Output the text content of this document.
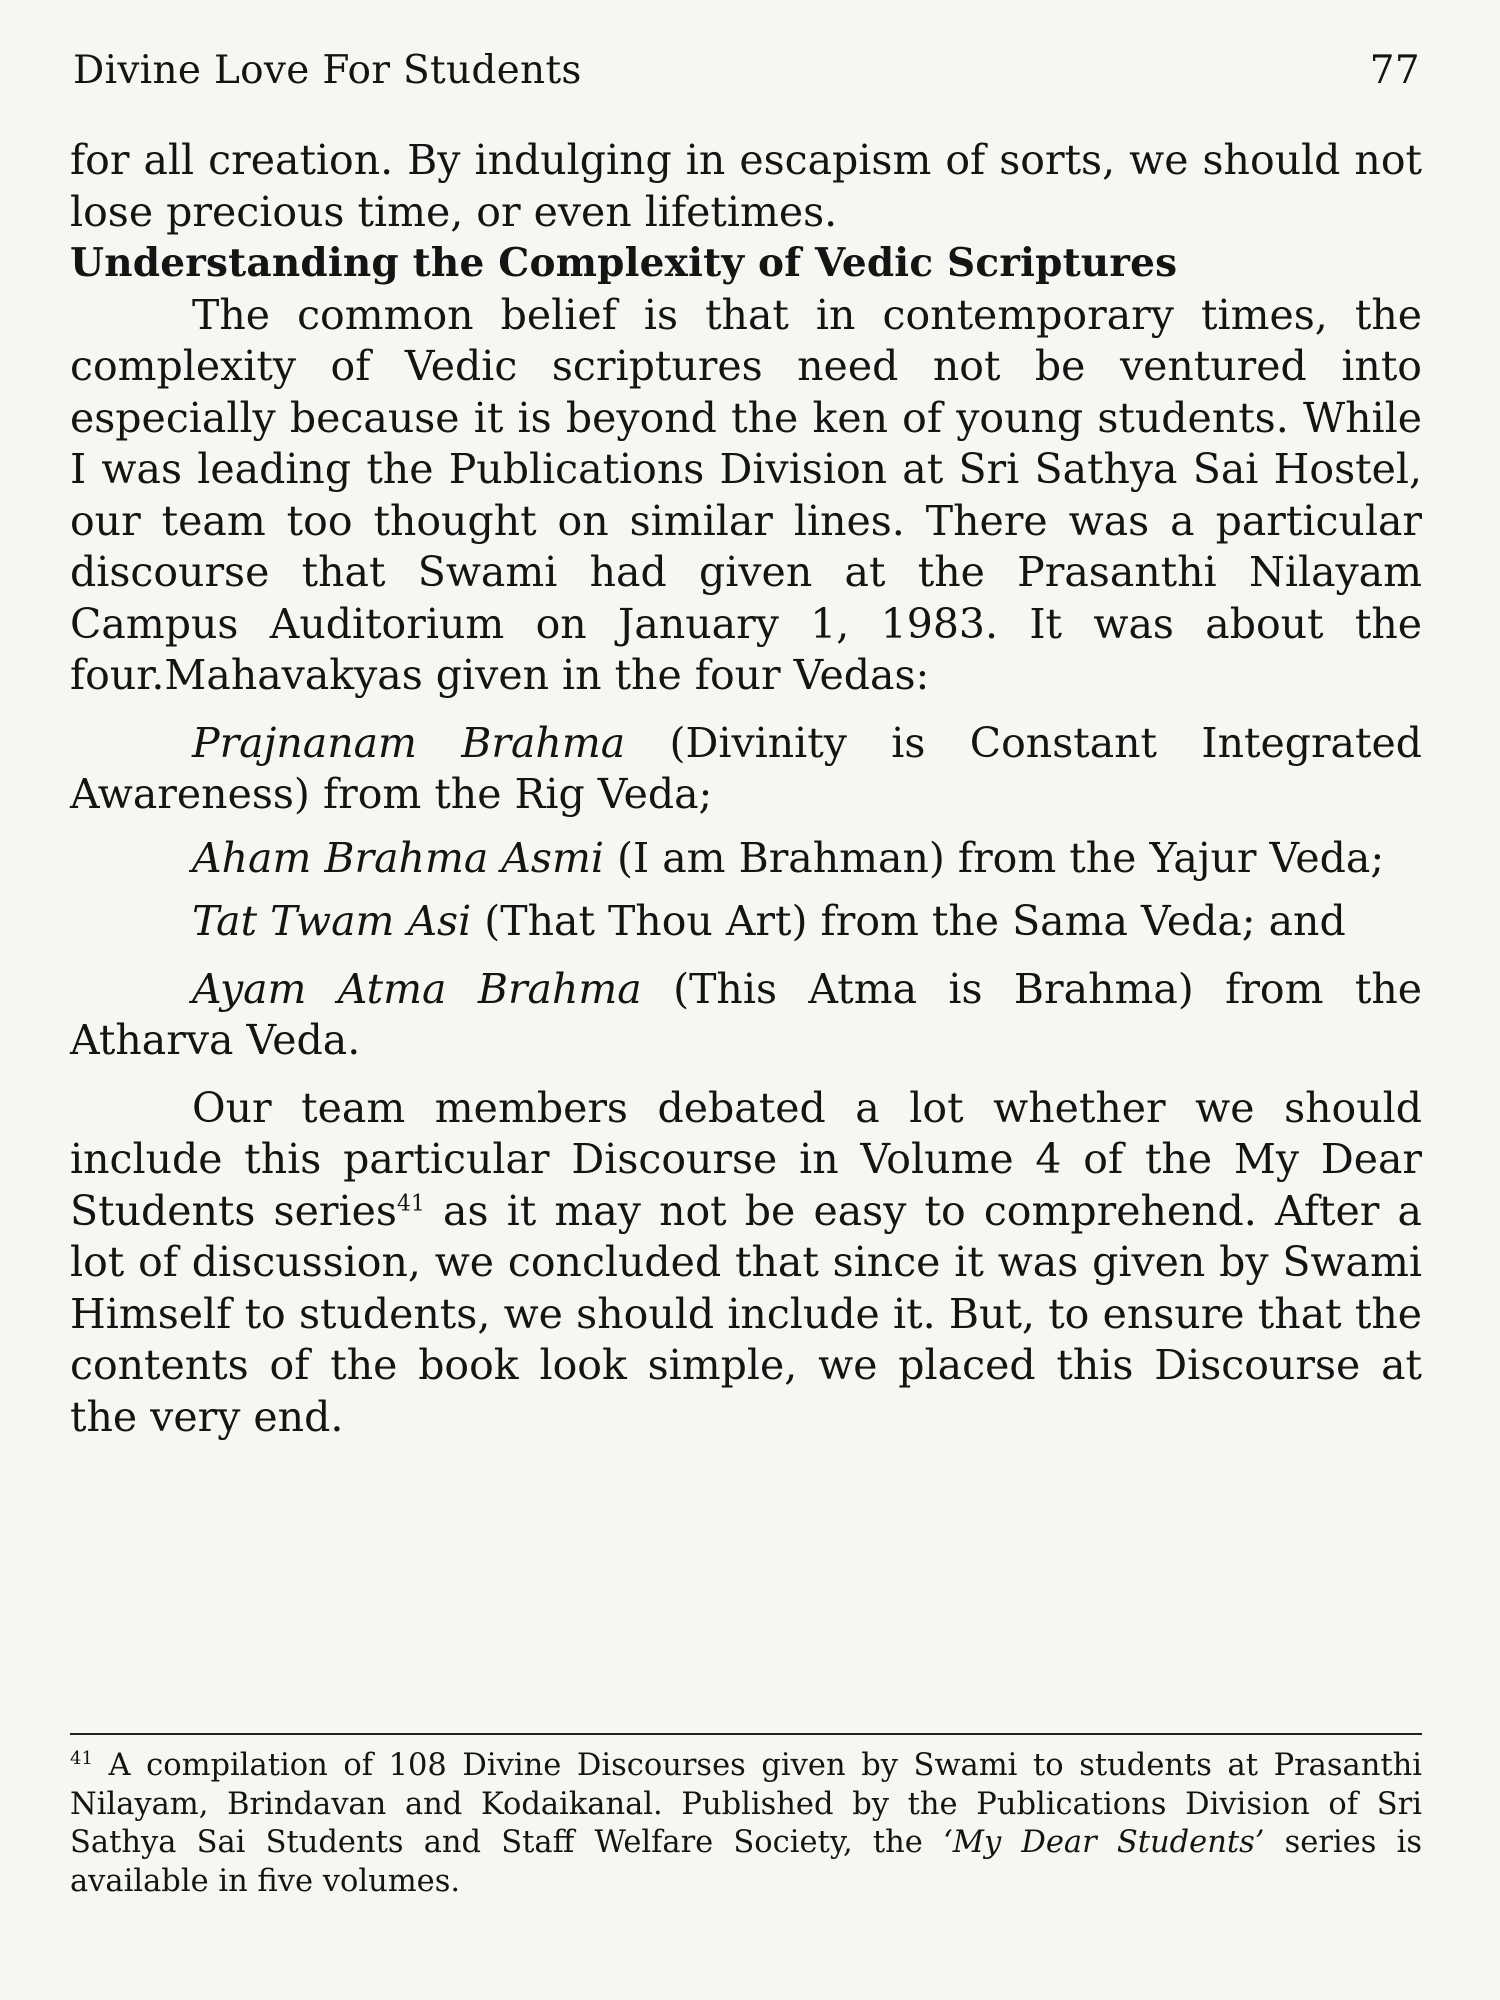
Divine Love For Students	77

for all creation. By indulging in escapism of sorts, we should not lose precious time, or even lifetimes.

Understanding the Complexity of Vedic Scriptures

The common belief is that in contemporary times, the complexity of Vedic scriptures need not be ventured into especially because it is beyond the ken of young students. While I was leading the Publications Division at Sri Sathya Sai Hostel, our team too thought on similar lines. There was a particular discourse that Swami had given at the Prasanthi Nilayam Campus Auditorium on January 1, 1983. It was about the four.Mahavakyas given in the four Vedas:

Prajnanam Brahma (Divinity is Constant Integrated Awareness) from the Rig Veda;

Aham Brahma Asmi (I am Brahman) from the Yajur Veda;

Tat Twam Asi (That Thou Art) from the Sama Veda; and

Ayam Atma Brahma (This Atma is Brahma) from the Atharva Veda.

Our team members debated a lot whether we should include this particular Discourse in Volume 4 of the My Dear Students series$^{41}$ as it may not be easy to comprehend. After a lot of discussion, we concluded that since it was given by Swami Himself to students, we should include it. But, to ensure that the contents of the book look simple, we placed this Discourse at the very end.

$^{41}$ A compilation of 108 Divine Discourses given by Swami to students at Prasanthi Nilayam, Brindavan and Kodaikanal. Published by the Publications Division of Sri Sathya Sai Students and Staff Welfare Society, the ‘My Dear Students’ series is available in five volumes.
